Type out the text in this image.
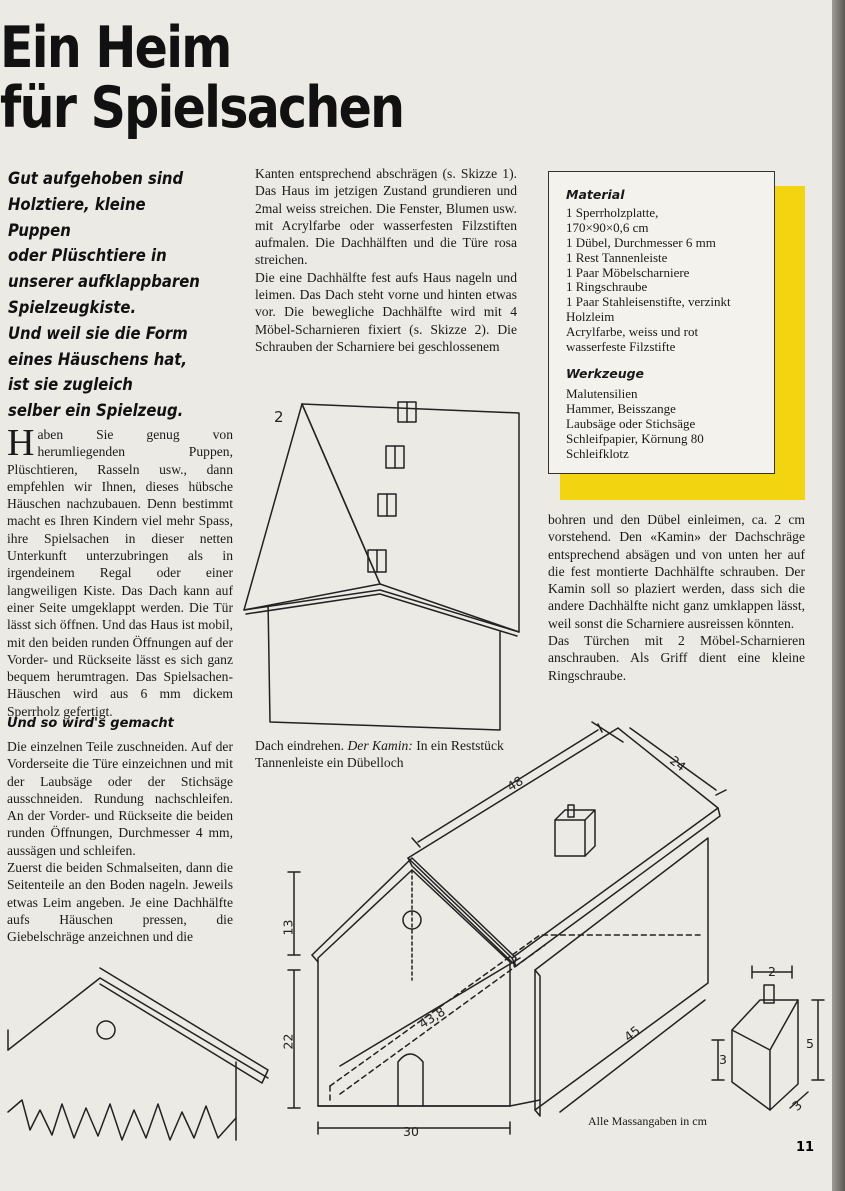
Ein Heim
für Spielsachen
Gut aufgehoben sind
Holztiere, kleine Puppen
oder Plüschtiere in
unserer aufklappbaren
Spielzeugkiste.
Und weil sie die Form
eines Häuschens hat,
ist sie zugleich
selber ein Spielzeug.
Haben Sie genug von herumliegenden Puppen, Plüschtieren, Rasseln usw., dann empfehlen wir Ihnen, dieses hübsche Häuschen nachzubauen. Denn bestimmt macht es Ihren Kindern viel mehr Spass, ihre Spielsachen in dieser netten Unterkunft unterzubringen als in irgendeinem Regal oder einer langweiligen Kiste. Das Dach kann auf einer Seite umgeklappt werden. Die Tür lässt sich öffnen. Und das Haus ist mobil, mit den beiden runden Öffnungen auf der Vorder- und Rückseite lässt es sich ganz bequem herumtragen. Das Spielsachen-Häuschen wird aus 6 mm dickem Sperrholz gefertigt.
Und so wird's gemacht

Die einzelnen Teile zuschneiden. Auf der Vorderseite die Türe einzeichnen und mit der Laubsäge oder der Stichsäge ausschneiden. Rundung nachschleifen. An der Vorder- und Rückseite die beiden runden Öffnungen, Durchmesser 4 mm, aussägen und schleifen.

Zuerst die beiden Schmalseiten, dann die Seitenteile an den Boden nageln. Jeweils etwas Leim angeben. Je eine Dachhälfte aufs Häuschen pressen, die Giebelschräge anzeichnen und die

Kanten entsprechend abschrägen (s. Skizze 1). Das Haus im jetzigen Zustand grundieren und 2mal weiss streichen. Die Fenster, Blumen usw. mit Acrylfarbe oder wasserfesten Filzstiften aufmalen. Die Dachhälften und die Türe rosa streichen.

Die eine Dachhälfte fest aufs Haus nageln und leimen. Das Dach steht vorne und hinten etwas vor. Die bewegliche Dachhälfte wird mit 4 Möbel-Scharnieren fixiert (s. Skizze 2). Die Schrauben der Scharniere bei geschlossenem

Dach eindrehen. Der Kamin: In ein Reststück Tannenleiste ein Dübelloch
Material
1 Sperrholzplatte,
170×90×0,6 cm
1 Dübel, Durchmesser 6 mm
1 Rest Tannenleiste
1 Paar Möbelscharniere
1 Ringschraube
1 Paar Stahleisenstifte, verzinkt
Holzleim
Acrylfarbe, weiss und rot
wasserfeste Filzstifte
Werkzeuge
Malutensilien
Hammer, Beisszange
Laubsäge oder Stichsäge
Schleifpapier, Körnung 80
Schleifklotz

bohren und den Dübel einleimen, ca. 2 cm vorstehend. Den «Kamin» der Dachschräge entsprechend absägen und von unten her auf die fest montierte Dachhälfte schrauben. Der Kamin soll so plaziert werden, dass sich die andere Dachhälfte nicht ganz umklappen lässt, weil sonst die Scharniere ausreissen könnten.

Das Türchen mit 2 Möbel-Scharnieren anschrauben. Als Griff dient eine kleine Ringschraube.

2
48
24
13
22
43,8
45
30
2
3
5
3
Alle Massangaben in cm
11
